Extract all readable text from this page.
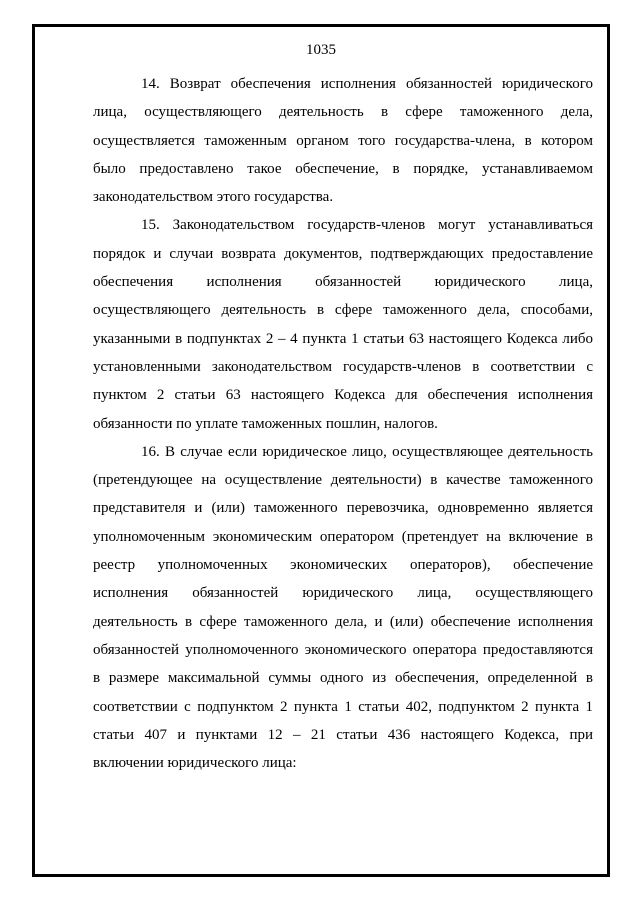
1035

14. Возврат обеспечения исполнения обязанностей юридического лица, осуществляющего деятельность в сфере таможенного дела, осуществляется таможенным органом того государства-члена, в котором было предоставлено такое обеспечение, в порядке, устанавливаемом законодательством этого государства.

15. Законодательством государств-членов могут устанавливаться порядок и случаи возврата документов, подтверждающих предоставление обеспечения исполнения обязанностей юридического лица, осуществляющего деятельность в сфере таможенного дела, способами, указанными в подпунктах 2 – 4 пункта 1 статьи 63 настоящего Кодекса либо установленными законодательством государств-членов в соответствии с пунктом 2 статьи 63 настоящего Кодекса для обеспечения исполнения обязанности по уплате таможенных пошлин, налогов.

16. В случае если юридическое лицо, осуществляющее деятельность (претендующее на осуществление деятельности) в качестве таможенного представителя и (или) таможенного перевозчика, одновременно является уполномоченным экономическим оператором (претендует на включение в реестр уполномоченных экономических операторов), обеспечение исполнения обязанностей юридического лица, осуществляющего деятельность в сфере таможенного дела, и (или) обеспечение исполнения обязанностей уполномоченного экономического оператора предоставляются в размере максимальной суммы одного из обеспечения, определенной в соответствии с подпунктом 2 пункта 1 статьи 402, подпунктом 2 пункта 1 статьи 407 и пунктами 12 – 21 статьи 436 настоящего Кодекса, при включении юридического лица:
